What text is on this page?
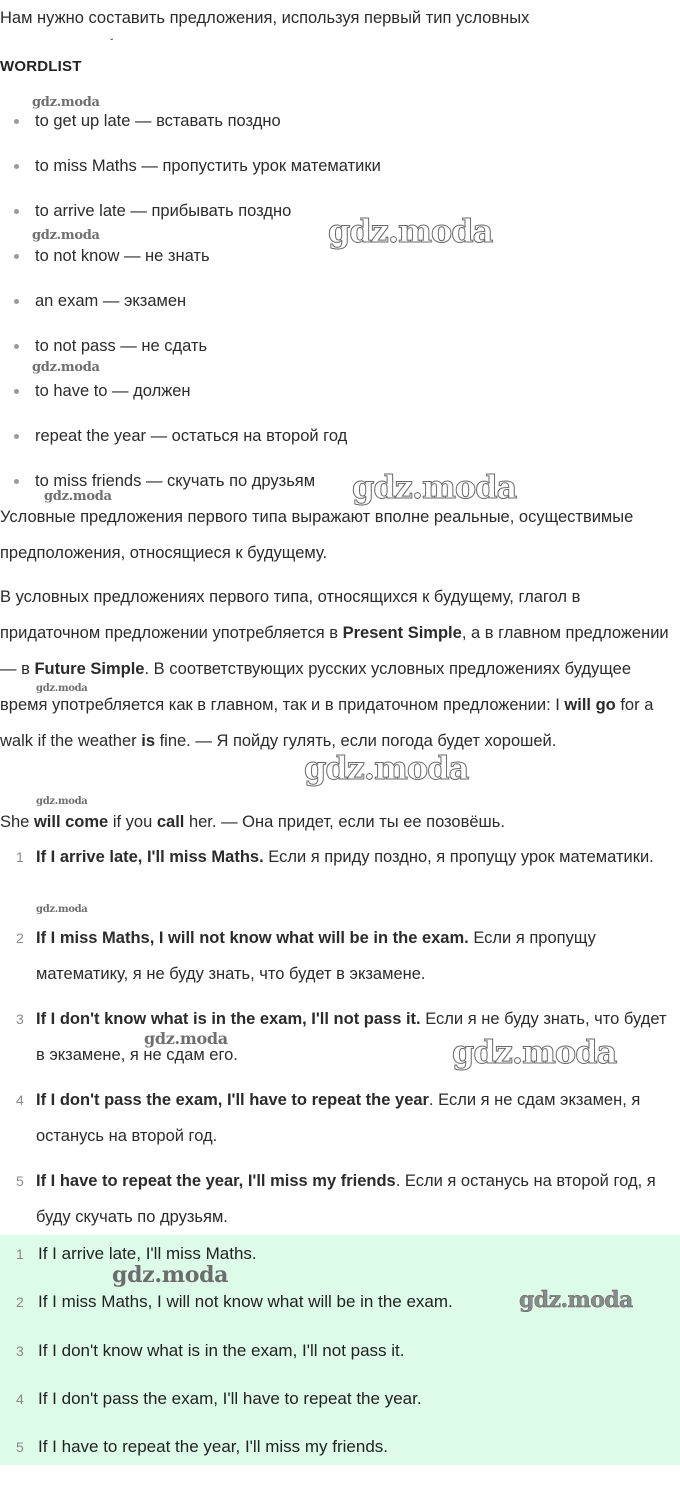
Нам нужно составить предложения, используя первый тип условных
ˇ
WORDLIST
to get up late — вставать поздно
to miss Maths — пропустить урок математики
to arrive late — прибывать поздно
to not know — не знать
an exam — экзамен
to not pass — не сдать
to have to — должен
repeat the year — остаться на второй год
to miss friends — скучать по друзьям
Условные предложения первого типа выражают вполне реальные, осуществимые предположения, относящиеся к будущему.
В условных предложениях первого типа, относящихся к будущему, глагол в придаточном предложении употребляется в Present Simple, а в главном предложении — в Future Simple. В соответствующих русских условных предложениях будущее время употребляется как в главном, так и в придаточном предложении: I will go for a walk if the weather is fine. — Я пойду гулять, если погода будет хорошей.
She will come if you call her. — Она придет, если ты ее позовёшь.
1 If I arrive late, I'll miss Maths. Если я приду поздно, я пропущу урок математики.
2 If I miss Maths, I will not know what will be in the exam. Если я пропущу математику, я не буду знать, что будет в экзамене.
3 If I don't know what is in the exam, I'll not pass it. Если я не буду знать, что будет в экзамене, я не сдам его.
4 If I don't pass the exam, I'll have to repeat the year. Если я не сдам экзамен, я останусь на второй год.
5 If I have to repeat the year, I'll miss my friends. Если я останусь на второй год, я буду скучать по друзьям.
1 If I arrive late, I'll miss Maths.
2 If I miss Maths, I will not know what will be in the exam.
3 If I don't know what is in the exam, I'll not pass it.
4 If I don't pass the exam, I'll have to repeat the year.
5 If I have to repeat the year, I'll miss my friends.
gdz.moda
gdz.moda
gdz.moda
gdz.moda
gdz.moda
gdz.moda
gdz.moda
gdz.moda
gdz.moda
gdz.moda
gdz.moda
gdz.moda
gdz.moda
gdz.moda
